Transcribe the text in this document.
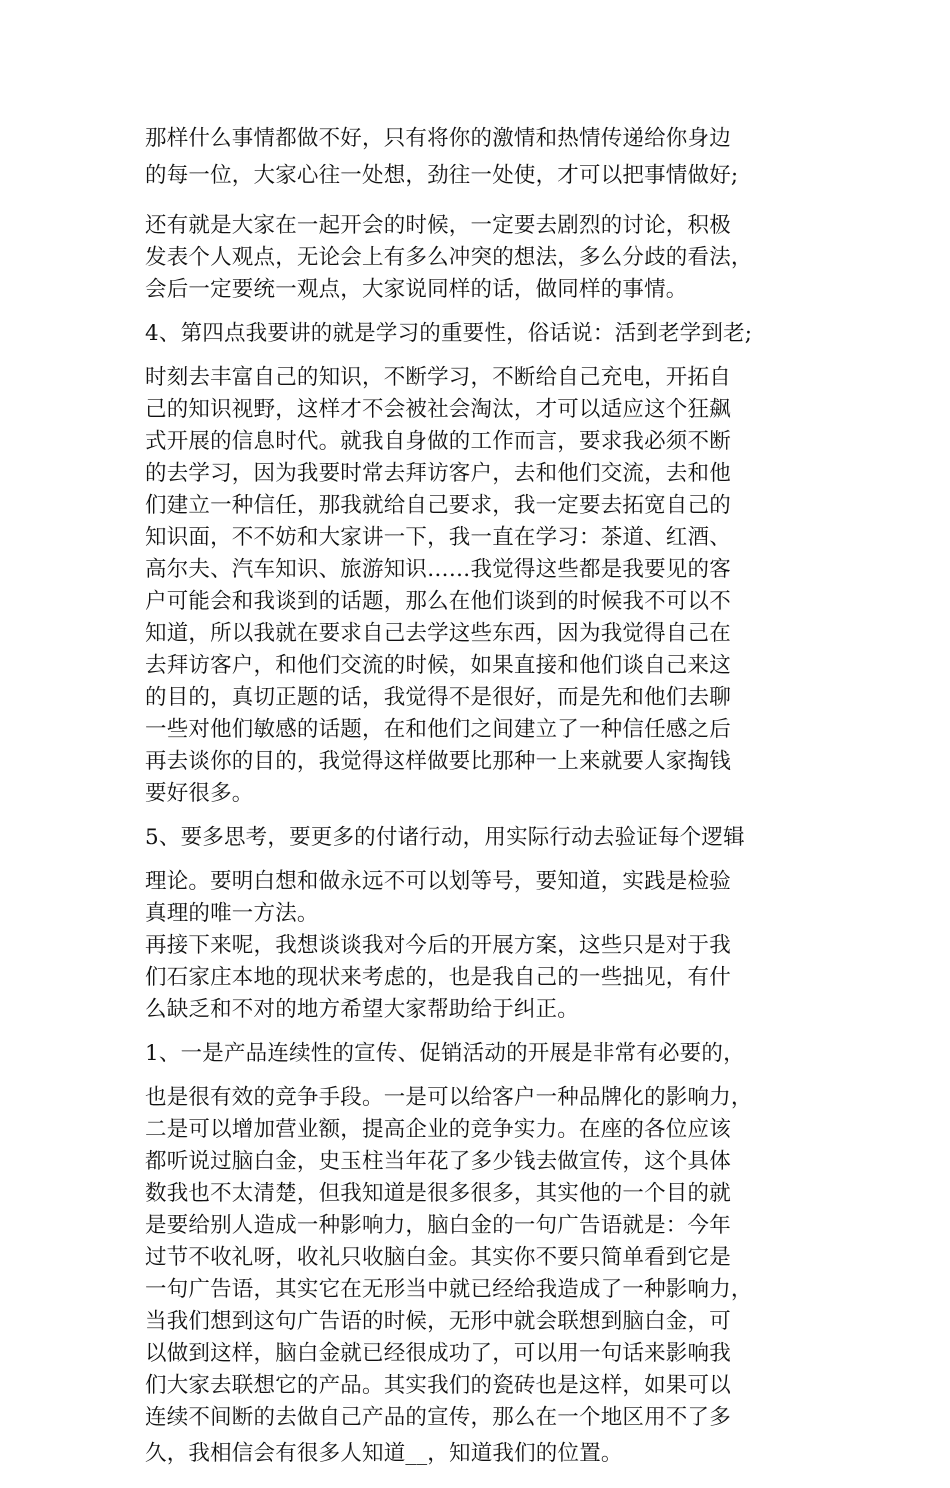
那样什么事情都做不好，只有将你的激情和热情传递给你身边
的每一位，大家心往一处想，劲往一处使，才可以把事情做好;

还有就是大家在一起开会的时候，一定要去剧烈的讨论，积极
发表个人观点，无论会上有多么冲突的想法，多么分歧的看法，
会后一定要统一观点，大家说同样的话，做同样的事情。

4、第四点我要讲的就是学习的重要性，俗话说：活到老学到老;

时刻去丰富自己的知识，不断学习，不断给自己充电，开拓自
己的知识视野，这样才不会被社会淘汰，才可以适应这个狂飙
式开展的信息时代。就我自身做的工作而言，要求我必须不断
的去学习，因为我要时常去拜访客户，去和他们交流，去和他
们建立一种信任，那我就给自己要求，我一定要去拓宽自己的
知识面，不不妨和大家讲一下，我一直在学习：茶道、红酒、
高尔夫、汽车知识、旅游知识……我觉得这些都是我要见的客
户可能会和我谈到的话题，那么在他们谈到的时候我不可以不
知道，所以我就在要求自己去学这些东西，因为我觉得自己在
去拜访客户，和他们交流的时候，如果直接和他们谈自己来这
的目的，真切正题的话，我觉得不是很好，而是先和他们去聊
一些对他们敏感的话题，在和他们之间建立了一种信任感之后
再去谈你的目的，我觉得这样做要比那种一上来就要人家掏钱
要好很多。

5、要多思考，要更多的付诸行动，用实际行动去验证每个逻辑

理论。要明白想和做永远不可以划等号，要知道，实践是检验
真理的唯一方法。

再接下来呢，我想谈谈我对今后的开展方案，这些只是对于我
们石家庄本地的现状来考虑的，也是我自己的一些拙见，有什
么缺乏和不对的地方希望大家帮助给于纠正。

1、一是产品连续性的宣传、促销活动的开展是非常有必要的，

也是很有效的竞争手段。一是可以给客户一种品牌化的影响力，
二是可以增加营业额，提高企业的竞争实力。在座的各位应该
都听说过脑白金，史玉柱当年花了多少钱去做宣传，这个具体
数我也不太清楚，但我知道是很多很多，其实他的一个目的就
是要给别人造成一种影响力，脑白金的一句广告语就是：今年
过节不收礼呀，收礼只收脑白金。其实你不要只简单看到它是
一句广告语，其实它在无形当中就已经给我造成了一种影响力，
当我们想到这句广告语的时候，无形中就会联想到脑白金，可
以做到这样，脑白金就已经很成功了，可以用一句话来影响我
们大家去联想它的产品。其实我们的瓷砖也是这样，如果可以
连续不间断的去做自己产品的宣传，那么在一个地区用不了多

久，我相信会有很多人知道__，知道我们的位置。
